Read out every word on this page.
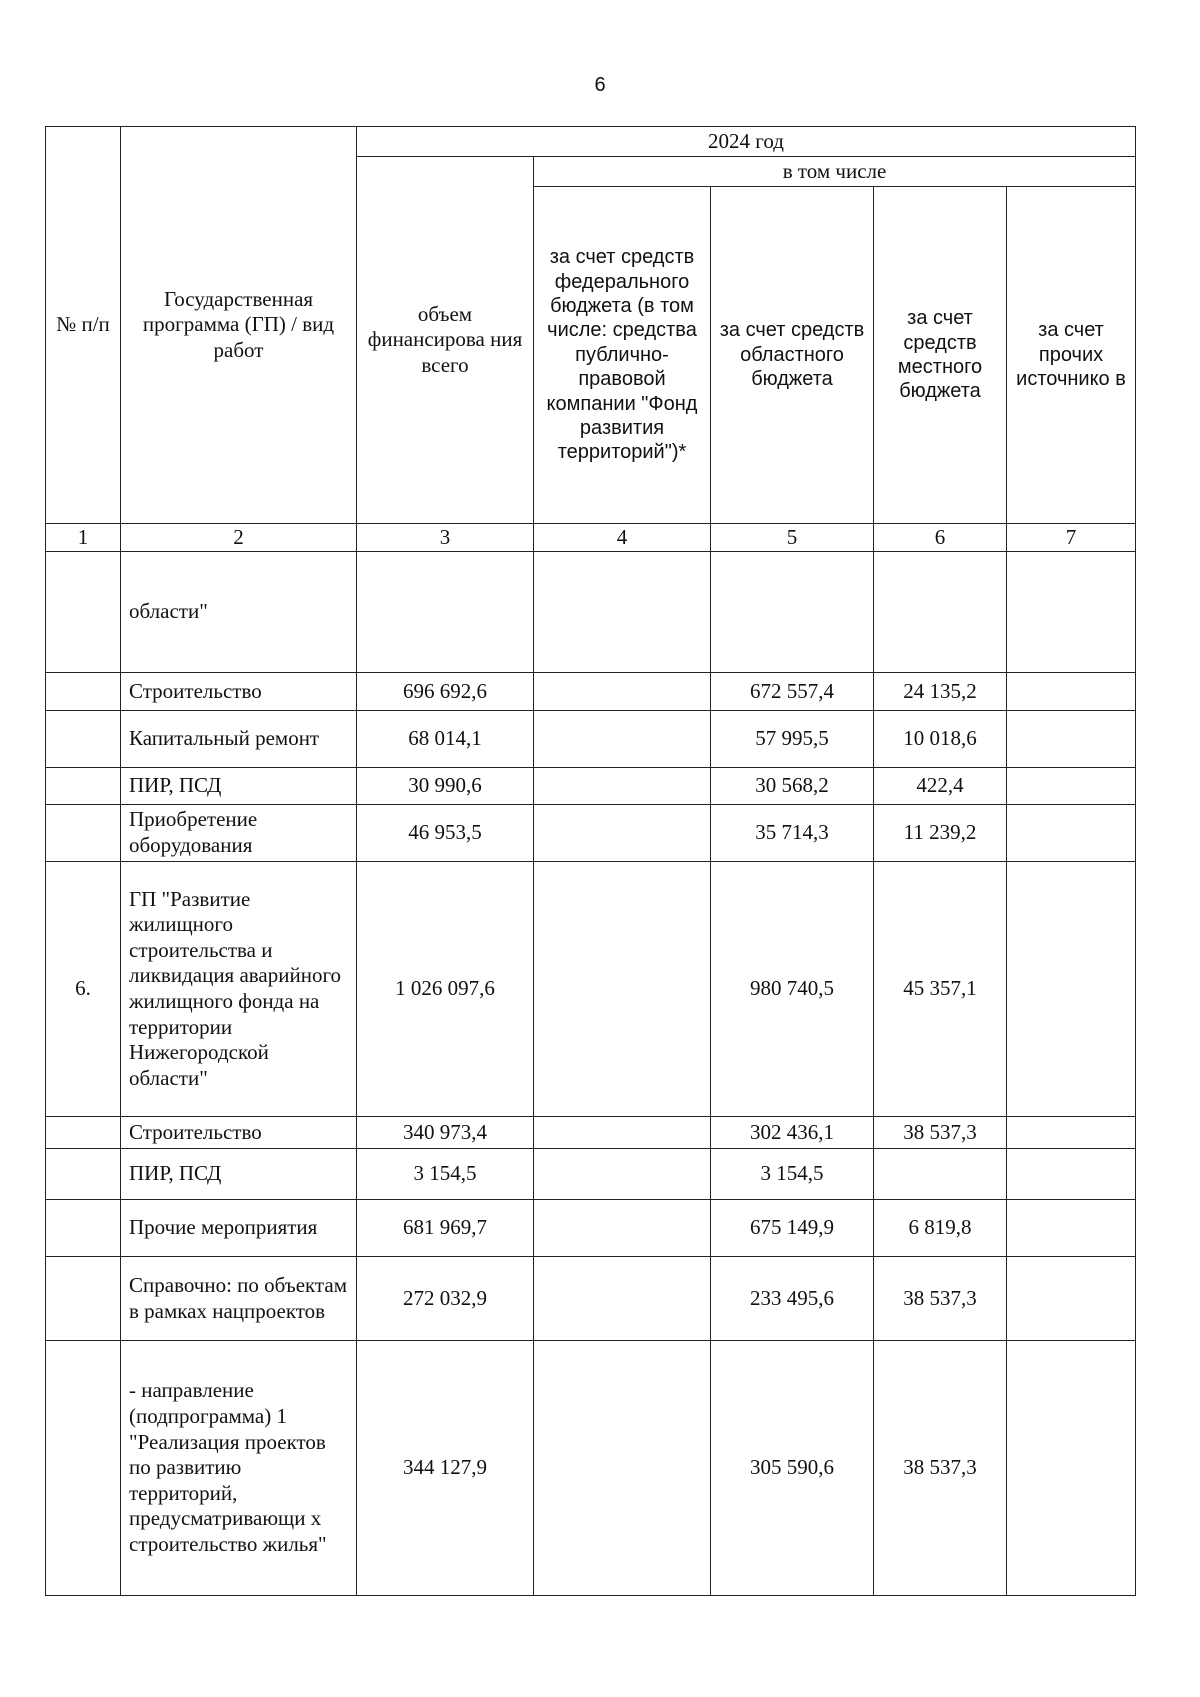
6
№ п/п	Государственная программа (ГП) / вид работ	2024 год				
		объем финансирова ния всего	в том числе			
			за счет средств федерального бюджета (в том числе: средства публично-правовой компании "Фонд развития территорий")*	за счет средств областного бюджета	за счет средств местного бюджета	за счет прочих источнико в
1	2	3	4	5	6	7
	области"					
	Строительство	696 692,6		672 557,4	24 135,2	
	Капитальный ремонт	68 014,1		57 995,5	10 018,6	
	ПИР, ПСД	30 990,6		30 568,2	422,4	
	Приобретение оборудования	46 953,5		35 714,3	11 239,2	
6.	ГП "Развитие жилищного строительства и ликвидация аварийного жилищного фонда на территории Нижегородской области"	1 026 097,6		980 740,5	45 357,1	
	Строительство	340 973,4		302 436,1	38 537,3	
	ПИР, ПСД	3 154,5		3 154,5		
	Прочие мероприятия	681 969,7		675 149,9	6 819,8	
	Справочно: по объектам в рамках нацпроектов	272 032,9		233 495,6	38 537,3	
	- направление (подпрограмма) 1 "Реализация проектов по развитию территорий, предусматривающи х строительство жилья"	344 127,9		305 590,6	38 537,3	
